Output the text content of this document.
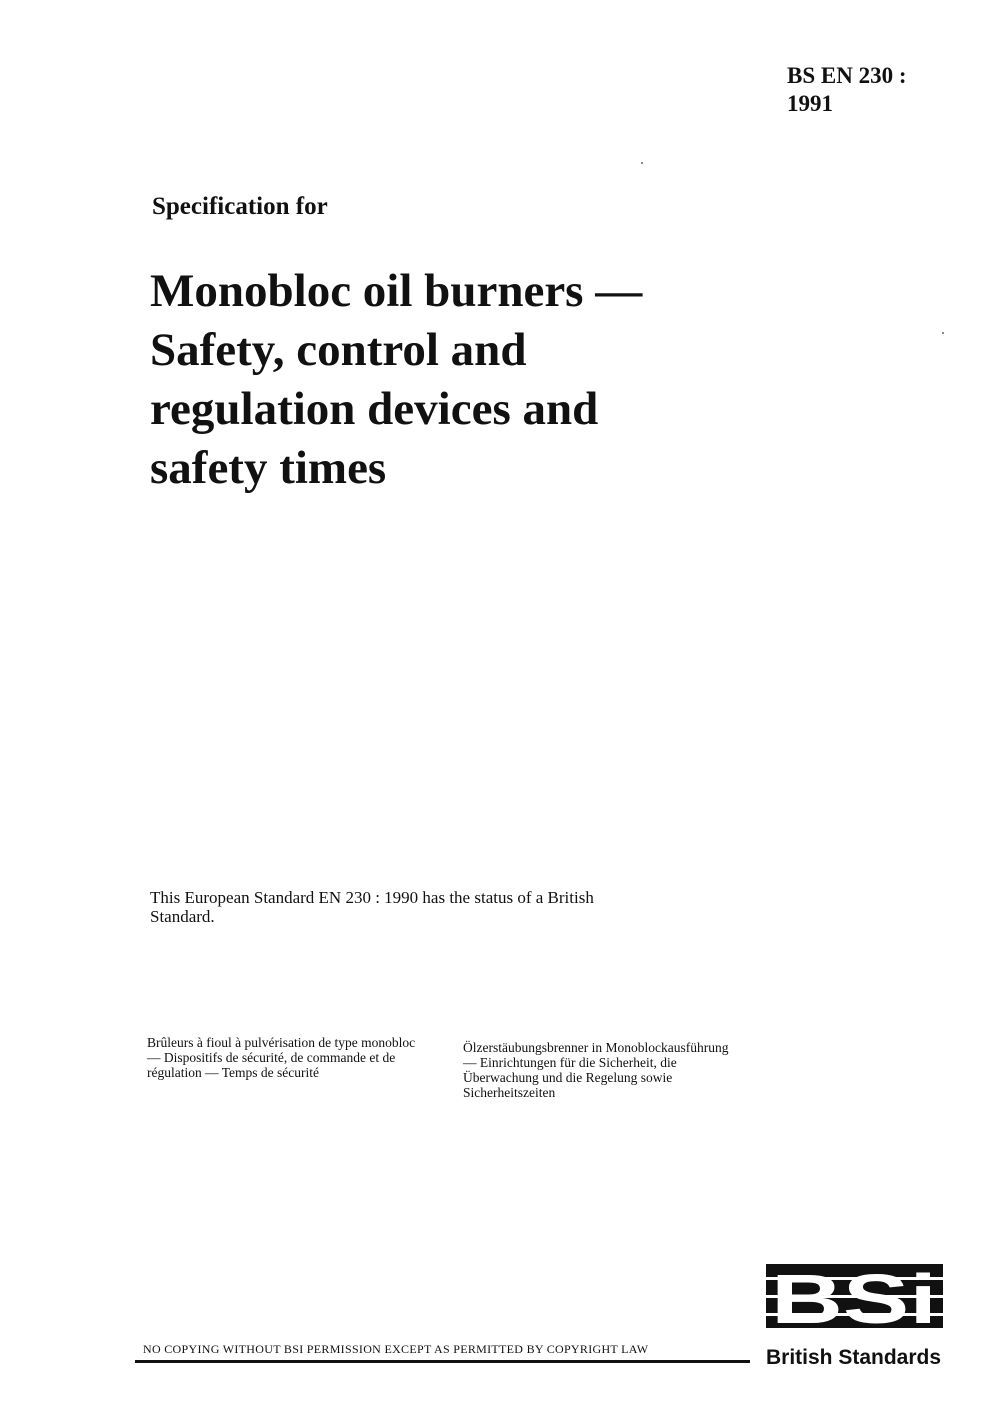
BS EN 230 :
1991
Specification for
Monobloc oil burners —
Safety, control and
regulation devices and
safety times
This European Standard EN 230 : 1990 has the status of a British Standard.
Brûleurs à fioul à pulvérisation de type monobloc — Dispositifs de sécurité, de commande et de régulation — Temps de sécurité
Ölzerstäubungsbrenner in Monoblockausführung — Einrichtungen für die Sicherheit, die Überwachung und die Regelung sowie Sicherheitszeiten
NO COPYING WITHOUT BSI PERMISSION EXCEPT AS PERMITTED BY COPYRIGHT LAW
BSi
British Standards
